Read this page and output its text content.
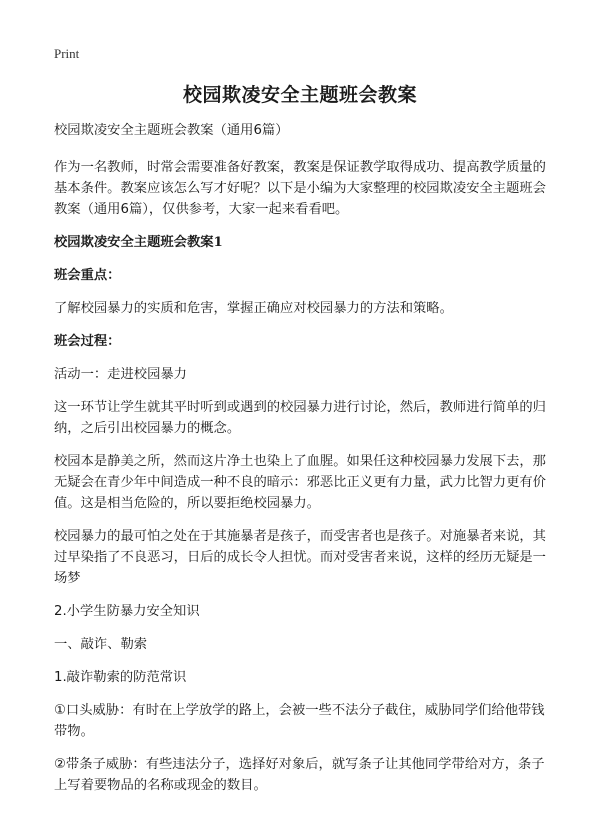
Print
校园欺凌安全主题班会教案

校园欺凌安全主题班会教案（通用6篇）

作为一名教师，时常会需要准备好教案，教案是保证教学取得成功、提高教学质量的基本条件。教案应该怎么写才好呢？以下是小编为大家整理的校园欺凌安全主题班会教案（通用6篇），仅供参考，大家一起来看看吧。

校园欺凌安全主题班会教案1

班会重点：

了解校园暴力的实质和危害，掌握正确应对校园暴力的方法和策略。

班会过程：

活动一：走进校园暴力

这一环节让学生就其平时听到或遇到的校园暴力进行讨论，然后，教师进行简单的归纳，之后引出校园暴力的概念。

校园本是静美之所，然而这片净土也染上了血腥。如果任这种校园暴力发展下去，那无疑会在青少年中间造成一种不良的暗示：邪恶比正义更有力量，武力比智力更有价值。这是相当危险的，所以要拒绝校园暴力。

校园暴力的最可怕之处在于其施暴者是孩子，而受害者也是孩子。对施暴者来说，其过早染指了不良恶习，日后的成长令人担忧。而对受害者来说，这样的经历无疑是一场梦

2.小学生防暴力安全知识

一、敲诈、勒索

1.敲诈勒索的防范常识

①口头威胁：有时在上学放学的路上，会被一些不法分子截住，威胁同学们给他带钱带物。

②带条子威胁：有些违法分子，选择好对象后，就写条子让其他同学带给对方，条子上写着要物品的名称或现金的数目。
